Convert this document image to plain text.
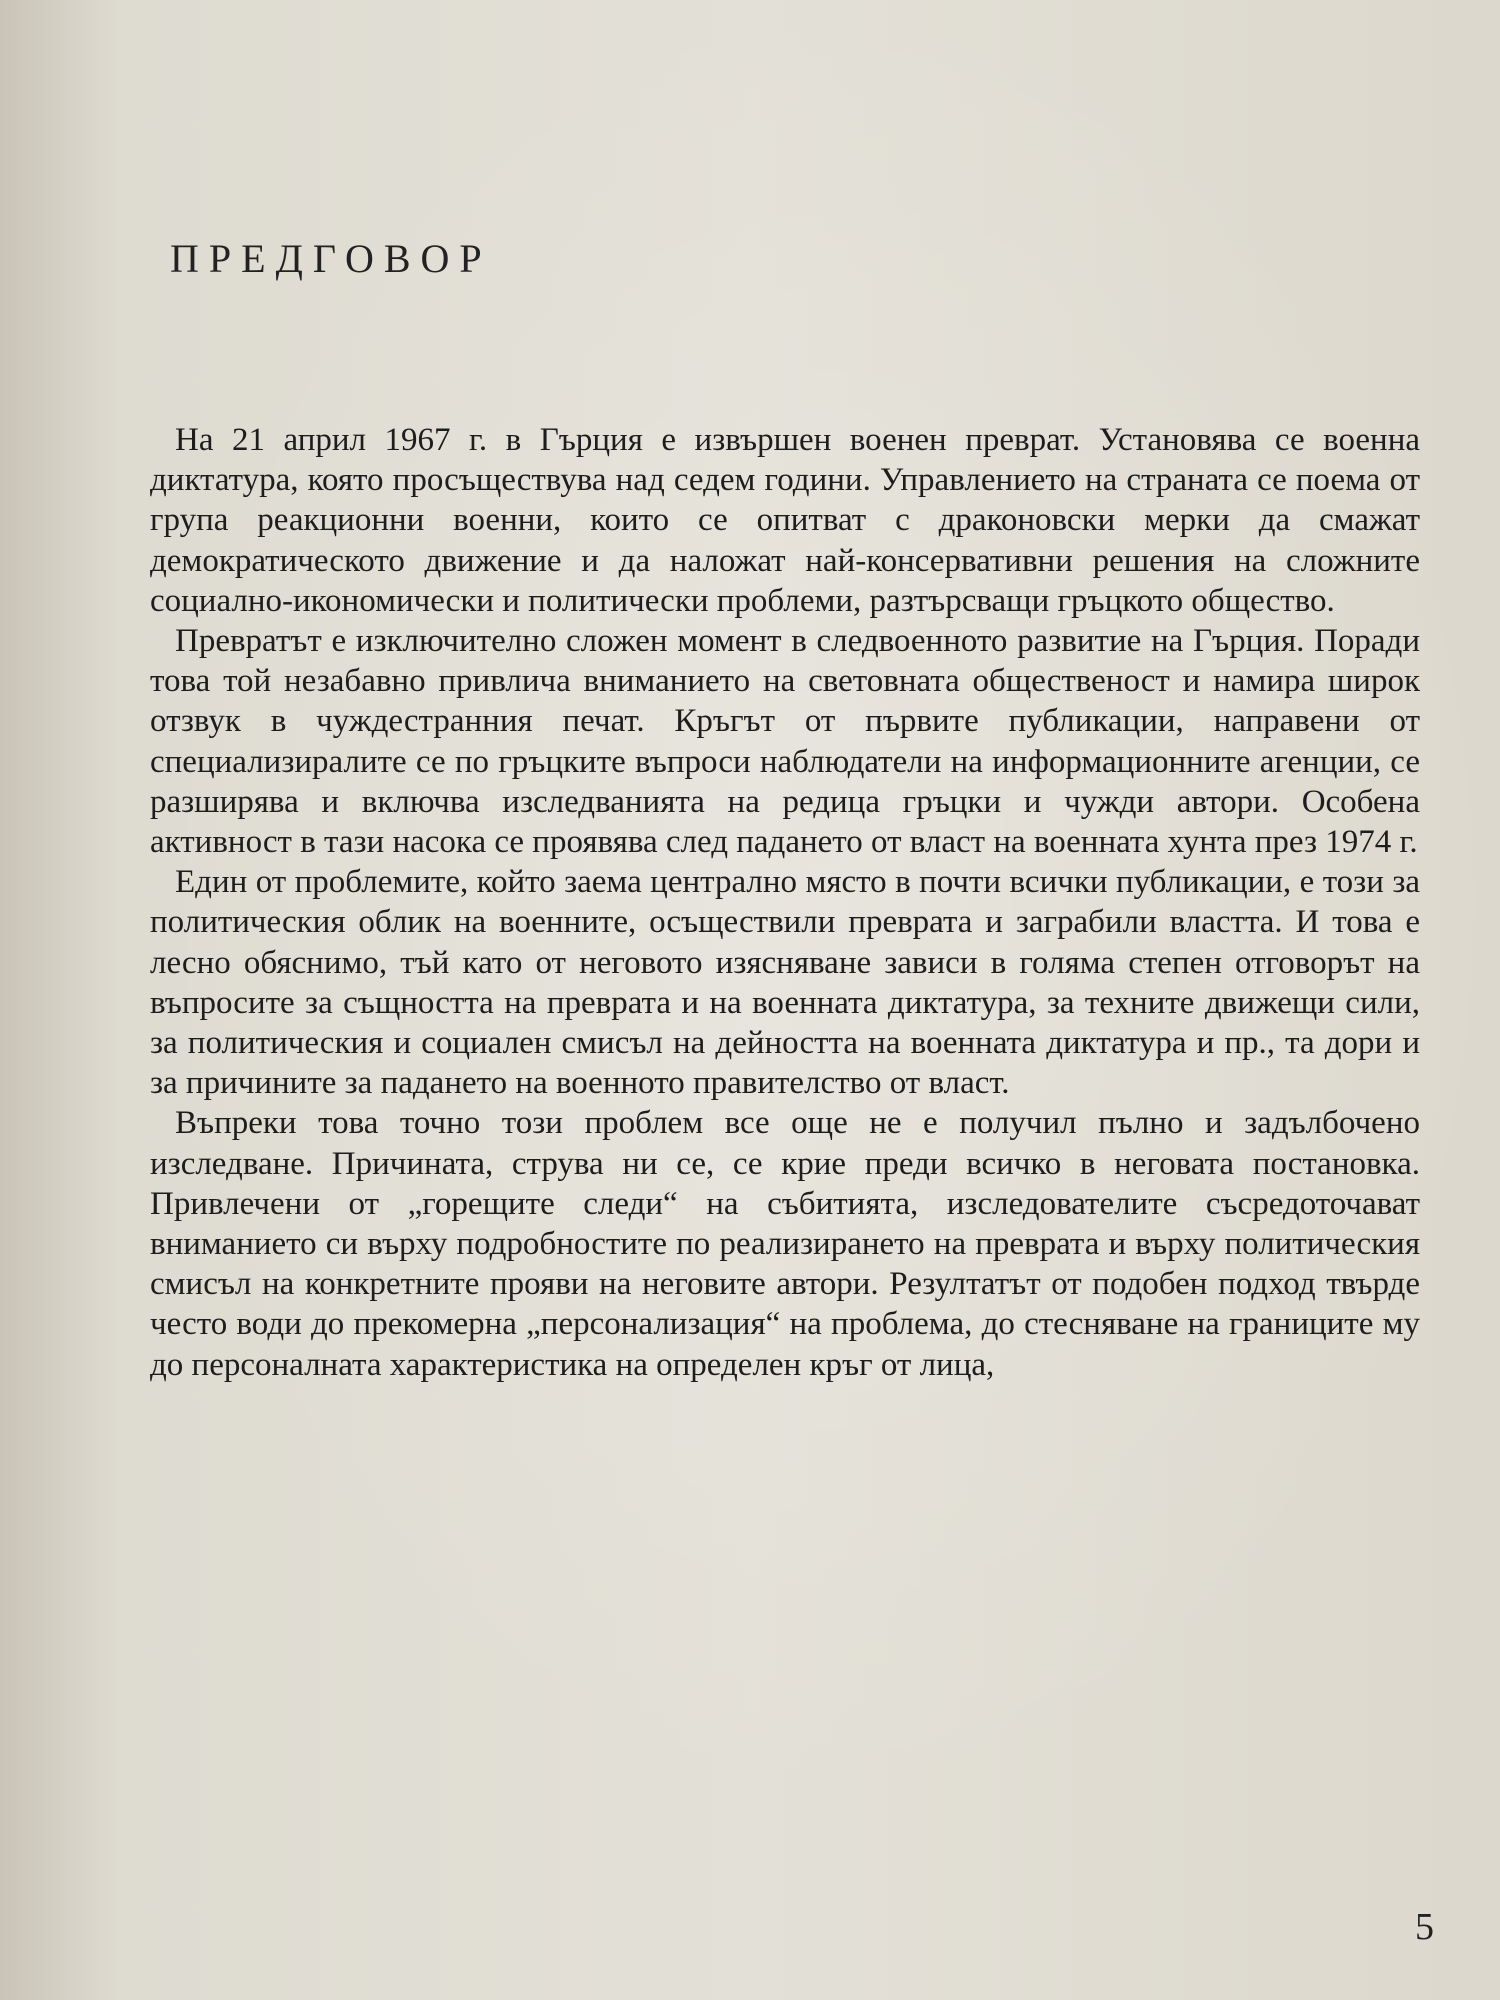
ПРЕДГОВОР

На 21 април 1967 г. в Гърция е извършен военен преврат. Установява се военна диктатура, която просъществува над седем години. Управлението на страната се поема от група реакционни военни, които се опитват с драконовски мерки да смажат демократическото движение и да наложат най-консервативни решения на сложните социално-икономически и политически проблеми, разтърсващи гръцкото общество.

Превратът е изключително сложен момент в следвоенното развитие на Гърция. Поради това той незабавно привлича вниманието на световната общественост и намира широк отзвук в чуждестранния печат. Кръгът от първите публикации, направени от специализиралите се по гръцките въпроси наблюдатели на информационните агенции, се разширява и включва изследванията на редица гръцки и чужди автори. Особена активност в тази насока се проявява след падането от власт на военната хунта през 1974 г.

Един от проблемите, който заема централно място в почти всички публикации, е този за политическия облик на военните, осъществили преврата и заграбили властта. И това е лесно обяснимо, тъй като от неговото изясняване зависи в голяма степен отговорът на въпросите за същността на преврата и на военната диктатура, за техните движещи сили, за политическия и социален смисъл на дейността на военната диктатура и пр., та дори и за причините за падането на военното правителство от власт.

Въпреки това точно този проблем все още не е получил пълно и задълбочено изследване. Причината, струва ни се, се крие преди всичко в неговата постановка. Привлечени от „горещите следи“ на събитията, изследователите съсредоточават вниманието си върху подробностите по реализирането на преврата и върху политическия смисъл на конкретните прояви на неговите автори. Резултатът от подобен подход твърде често води до прекомерна „персонализация“ на проблема, до стесняване на границите му до персоналната характеристика на определен кръг от лица,

5
